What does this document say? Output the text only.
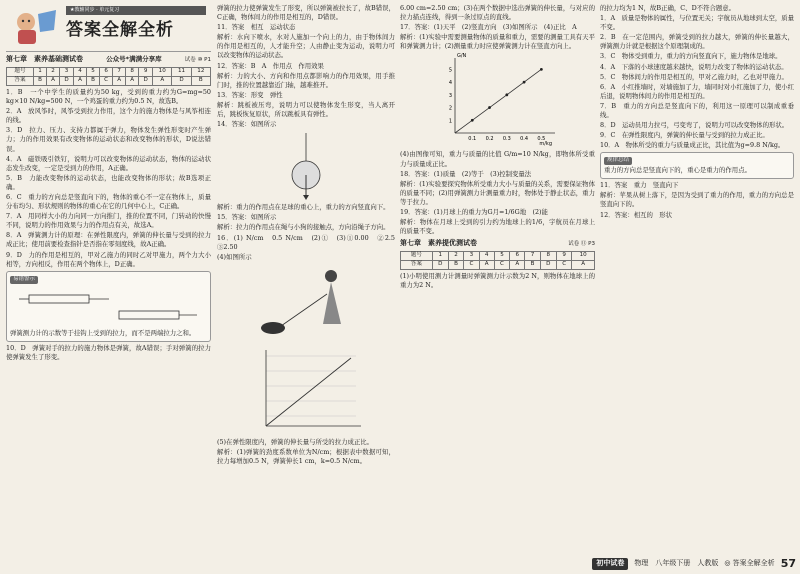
★教辅同步 · 单元复习
答案全解全析
第七章　素养基础测试卷	公众号*满满分享库	试卷 ⑩ P1
题号	1	2	3	4	5	6	7	8	9	10	11	12
答案	B	A	D	A	B	C	A	A	D	A	D	B

1．B　一个中学生的质量约为50 kg，受到的重力约为G=mg=50 kg×10 N/kg=500 N，一个鸡蛋的重力约为0.5 N，故选B。

2．A　放风筝时，风筝受到拉力作用，这个力的施力物体是与风筝相连的线。

3．D　拉力、压力、支持力都属于弹力，物体发生弹性形变时产生弹力；力的作用效果有改变物体的运动状态和改变物体的形状，D说法错误。

4．A　磁铁吸引铁钉，说明力可以改变物体的运动状态，物体的运动状态发生改变，一定是受到力的作用，A正确。

5．B　力能改变物体的运动状态，也能改变物体的形状；故B选项正确。

6．C　重力的方向总是竖直向下的，物体的重心不一定在物体上，质量分布均匀、形状规则的物体的重心在它的几何中心上，C正确。

7．A　用同样大小的力向同一方向推门，推的位置不同，门转动的快慢不同，说明力的作用效果与力的作用点有关，故选A。

8．A　弹簧测力计的原理：在弹性限度内，弹簧的伸长量与受到的拉力成正比；使用前要检查指针是否指在零刻度线，故A正确。

9．D　力的作用是相互的，甲对乙施力的同时乙对甲施力，两个力大小相等，方向相反，作用在两个物体上，D正确。

易错警示

弹簧测力计的示数等于挂钩上受到的拉力，而不是两端拉力之和。

10．D　弹簧对手的拉力的施力物体是弹簧，故A错误；手对弹簧的拉力使弹簧发生了形变。

弹簧的拉力使弹簧发生了形变，所以弹簧被拉长了，故B错误，C正确，物体间力的作用是相互的，D错误。

11．答案　相互　运动状态

解析：水向下喷水，水对人施加一个向上的力，由于物体间力的作用是相互的，人才能升空；人由静止变为运动，说明力可以改变物体的运动状态。

12．答案：B　A　作用点　作用效果

解析：力的大小、方向和作用点都影响力的作用效果，用手推门时，推的位置越靠近门轴，越难推开。

13．答案：形变　弹性

解析：跳板被压弯，说明力可以使物体发生形变，当人离开后，跳板恢复原状，所以跳板具有弹性。

14．答案：如图所示

解析：重力的作用点在足球的重心上，重力的方向竖直向下。

15．答案：如图所示

解析：拉力的作用点在绳与小狗的接触点，方向沿绳子方向。

16．(1) N/cm　0.5 N/cm　(2)①　(3)①0.00　②2.5　③2.50

(4)如图所示

(5)在弹性限度内，弹簧的伸长量与所受的拉力成正比。

解析：(1)弹簧的劲度系数单位为N/cm；根据表中数据可知，拉力每增加0.5 N，弹簧伸长1 cm，k=0.5 N/cm。

6.00 cm=2.50 cm；(3)在两个数据中选出弹簧的伸长量，与对应的拉力描点连线，得到一条过原点的直线。

17．答案：(1)天平　(2)竖直方向　(3)如图所示　(4)正比　A

解析：(1)实验中需要测量物体的质量和重力，需要的测量工具有天平和弹簧测力计；(2)测量重力时应使弹簧测力计在竖直方向上。

0.1 0.2 0.3 0.4 0.5
1
2
3
4
5
m/kg
G/N

(4)由图像可知，重力与质量的比值 G/m=10 N/kg，即物体所受重力与质量成正比。

18．答案：(1)质量　(2)等于　(3)控制变量法

解析：(1)实验要探究物体所受重力大小与质量的关系，需要保证物体的质量不同；(2)用弹簧测力计测量重力时，物体处于静止状态，重力等于拉力。

19．答案：(1)月球上的重力为G月=1/6G地　(2)能

解析：物体在月球上受到的引力约为地球上的1/6，宇航员在月球上的质量不变。

第七章　素养提优测试卷	试卷 ⑪ P3
题号	1	2	3	4	5	6	7	8	9	10
答案	D	B	C	A	C	A	B	D	C	A

(1)小明使用测力计测量时弹簧测力计示数为2 N，则物体在地球上的重力为2 N。

的拉力均为1 N，故B正确，C、D不符合题意。

1．A　质量是物体的属性，与位置无关；宇航员从地球到太空，质量不变。

2．B　在一定范围内，弹簧受到的拉力越大，弹簧的伸长量越大，弹簧测力计就是根据这个原理制成的。

3．C　物体受到重力，重力的方向竖直向下，施力物体是地球。

4．A　下落的小球速度越来越快，说明力改变了物体的运动状态。

5．C　物体间力的作用是相互的，甲对乙施力时，乙也对甲施力。

6．A　小红推墙时，对墙施加了力，墙同时对小红施加了力，使小红后退，说明物体间力的作用是相互的。

7．B　重力的方向总是竖直向下的，利用这一原理可以制成重垂线。

8．D　运动员用力拉弓，弓变弯了，说明力可以改变物体的形状。

9．C　在弹性限度内，弹簧的伸长量与受到的拉力成正比。

10．A　物体所受的重力与质量成正比，其比值为g=9.8 N/kg。

规律总结

重力的方向总是竖直向下的，重心是重力的作用点。

11．答案　重力　竖直向下

解析：苹果从树上落下，是因为受到了重力的作用，重力的方向总是竖直向下的。

12．答案：相互的　形状

初中试卷	物理　八年级下册　人教版 ◎ 答案全解全析 57
